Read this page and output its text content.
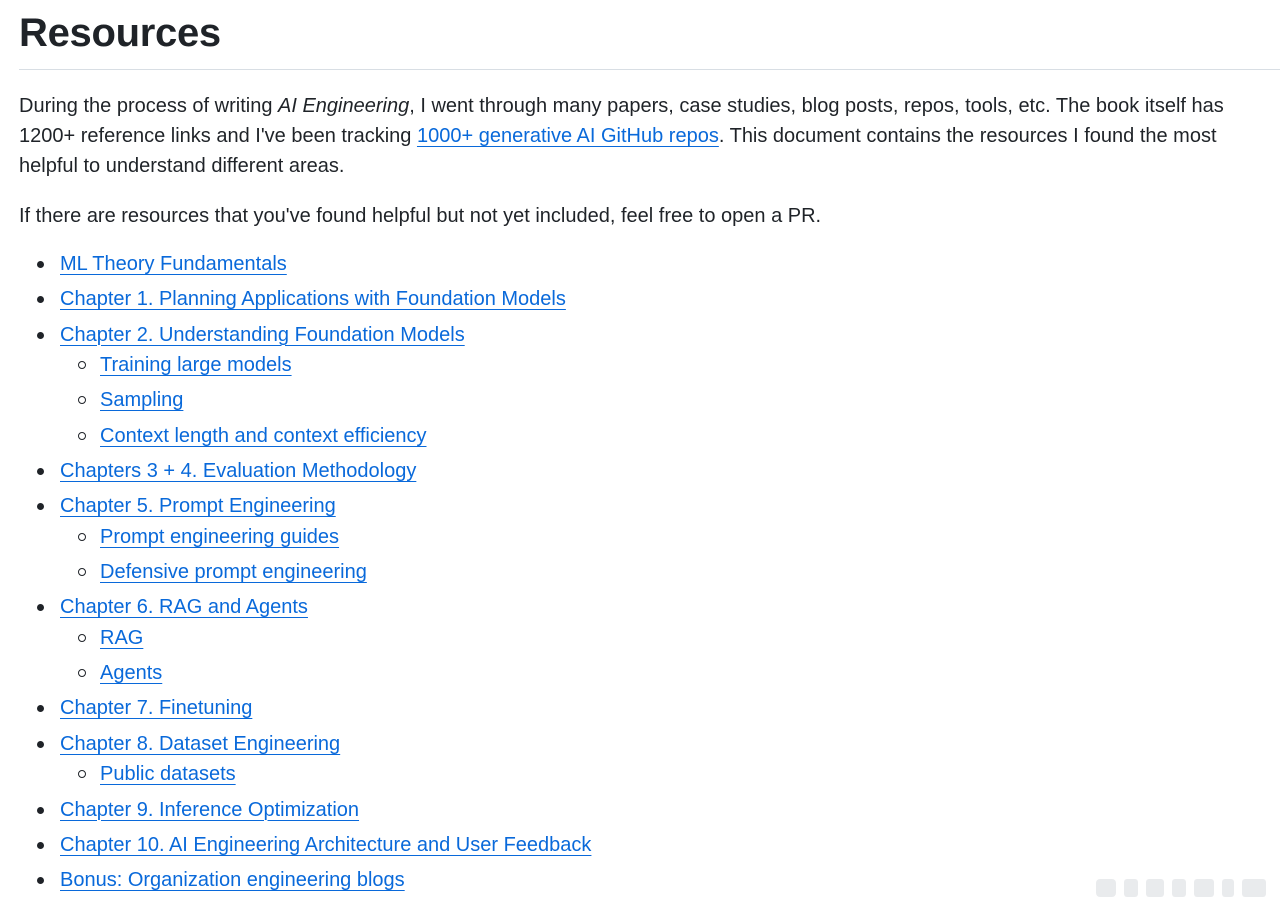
Resources

During the process of writing AI Engineering, I went through many papers, case studies, blog posts, repos, tools, etc. The book itself has 1200+ reference links and I've been tracking 1000+ generative AI GitHub repos. This document contains the resources I found the most helpful to understand different areas.

If there are resources that you've found helpful but not yet included, feel free to open a PR.

ML Theory Fundamentals
Chapter 1. Planning Applications with Foundation Models
Chapter 2. Understanding Foundation Models
Training large models
Sampling
Context length and context efficiency
Chapters 3 + 4. Evaluation Methodology
Chapter 5. Prompt Engineering
Prompt engineering guides
Defensive prompt engineering
Chapter 6. RAG and Agents
RAG
Agents
Chapter 7. Finetuning
Chapter 8. Dataset Engineering
Public datasets
Chapter 9. Inference Optimization
Chapter 10. AI Engineering Architecture and User Feedback
Bonus: Organization engineering blogs
